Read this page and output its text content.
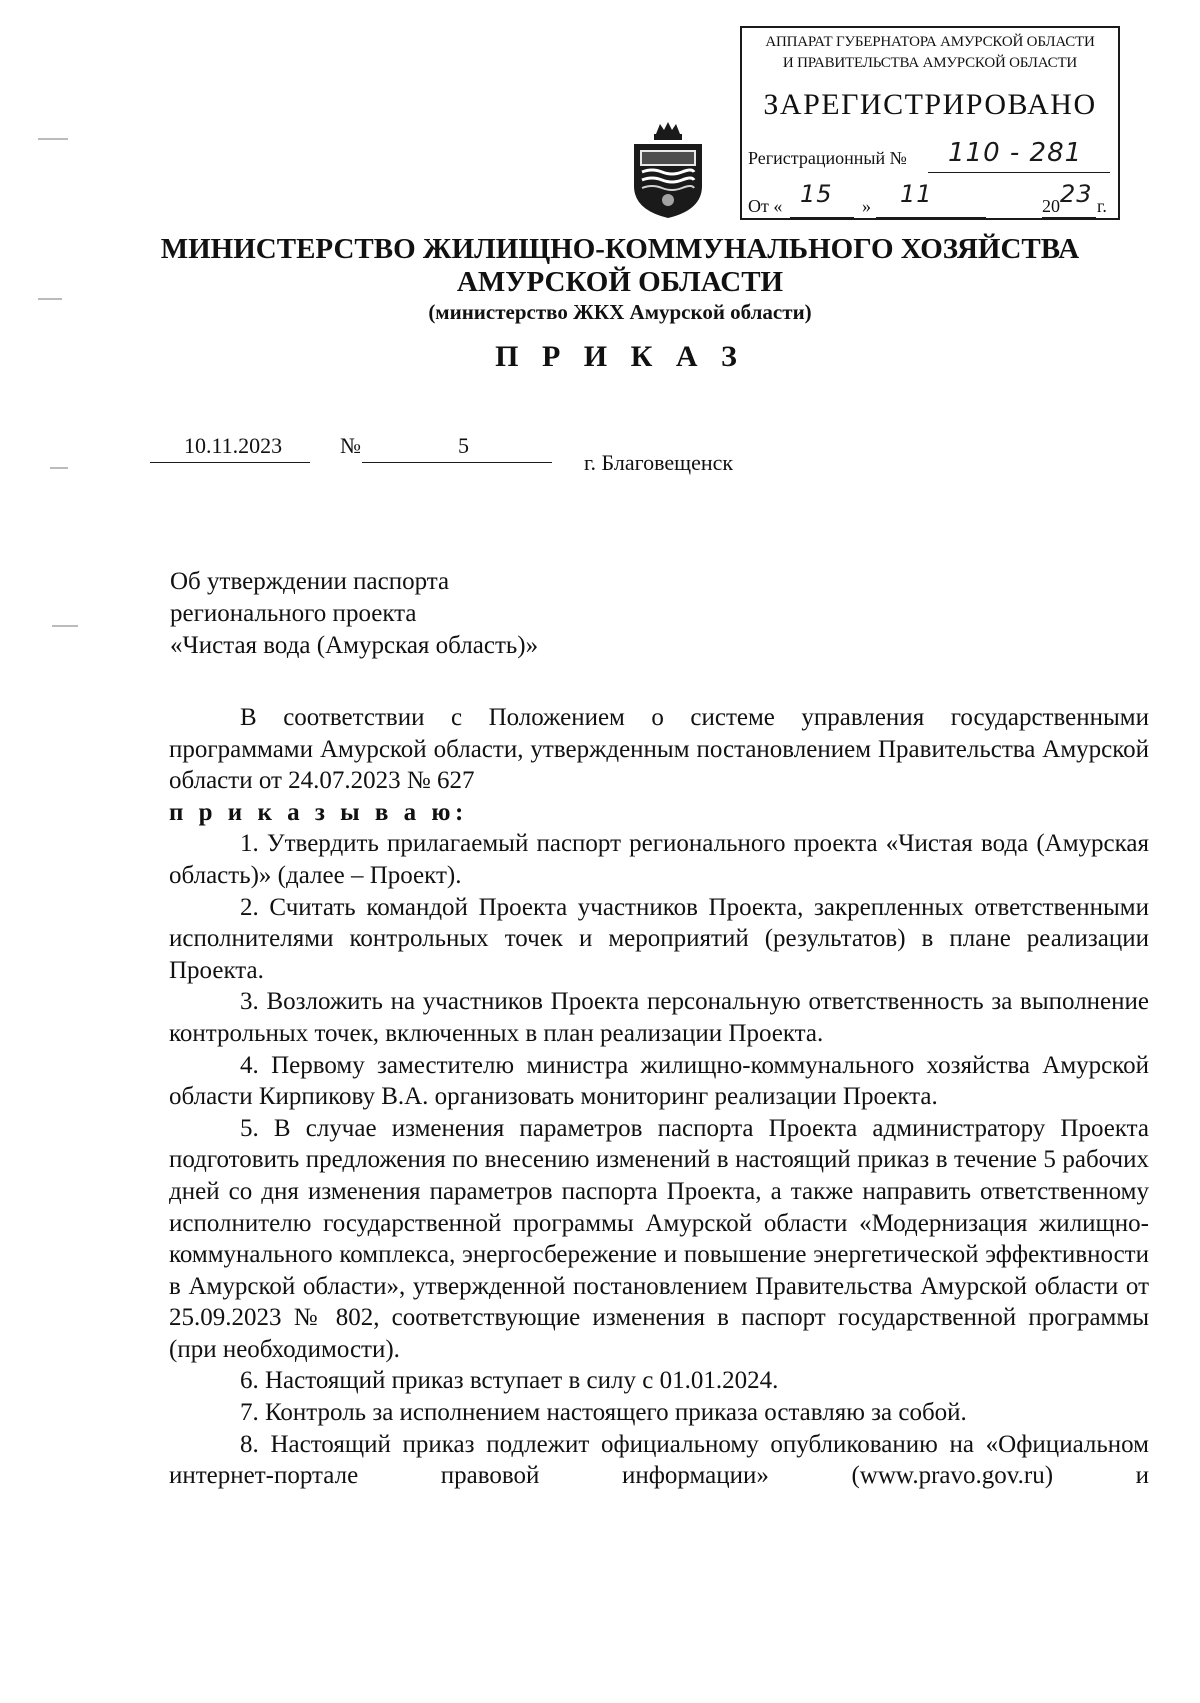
АППАРАТ ГУБЕРНАТОРА АМУРСКОЙ ОБЛАСТИ
И ПРАВИТЕЛЬСТВА АМУРСКОЙ ОБЛАСТИ
ЗАРЕГИСТРИРОВАНО
Регистрационный № 110 - 281
От « 15 » 11	20 23 г.
МИНИСТЕРСТВО ЖИЛИЩНО-КОММУНАЛЬНОГО ХОЗЯЙСТВА
АМУРСКОЙ ОБЛАСТИ
(министерство ЖКХ Амурской области)
П Р И К А З
10.11.2023	№	5
г. Благовещенск
Об утверждении паспорта
регионального проекта
«Чистая вода (Амурская область)»
В соответствии с Положением о системе управления государственными программами Амурской области, утвержденным постановлением Правительства Амурской области от 24.07.2023 № 627
п р и к а з ы в а ю:
1. Утвердить прилагаемый паспорт регионального проекта «Чистая вода (Амурская область)» (далее – Проект).
2. Считать командой Проекта участников Проекта, закрепленных ответственными исполнителями контрольных точек и мероприятий (результатов) в плане реализации Проекта.
3. Возложить на участников Проекта персональную ответственность за выполнение контрольных точек, включенных в план реализации Проекта.
4. Первому заместителю министра жилищно-коммунального хозяйства Амурской области Кирпикову В.А. организовать мониторинг реализации Проекта.
5. В случае изменения параметров паспорта Проекта администратору Проекта подготовить предложения по внесению изменений в настоящий приказ в течение 5 рабочих дней со дня изменения параметров паспорта Проекта, а также направить ответственному исполнителю государственной программы Амурской области «Модернизация жилищно-коммунального комплекса, энергосбережение и повышение энергетической эффективности в Амурской области», утвержденной постановлением Правительства Амурской области от 25.09.2023 № 802, соответствующие изменения в паспорт государственной программы (при необходимости).
6. Настоящий приказ вступает в силу с 01.01.2024.
7. Контроль за исполнением настоящего приказа оставляю за собой.
8. Настоящий приказ подлежит официальному опубликованию на «Официальном интернет-портале правовой информации» (www.pravo.gov.ru) и
